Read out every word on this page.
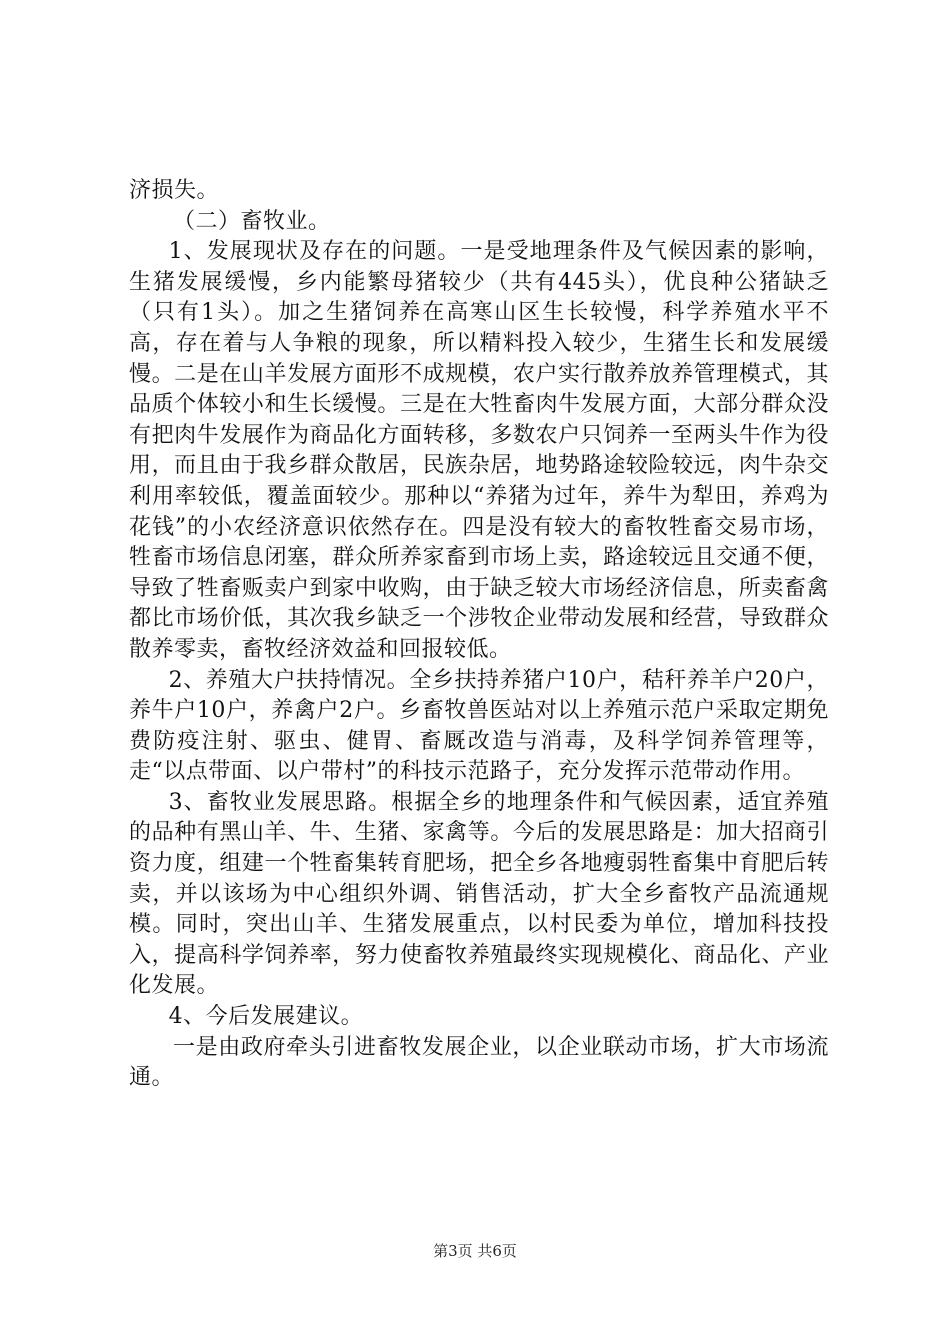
济损失。

（二）畜牧业。

1、发展现状及存在的问题。一是受地理条件及气候因素的影响，生猪发展缓慢，乡内能繁母猪较少（共有445头），优良种公猪缺乏（只有1头）。加之生猪饲养在高寒山区生长较慢，科学养殖水平不高，存在着与人争粮的现象，所以精料投入较少，生猪生长和发展缓慢。二是在山羊发展方面形不成规模，农户实行散养放养管理模式，其品质个体较小和生长缓慢。三是在大牲畜肉牛发展方面，大部分群众没有把肉牛发展作为商品化方面转移，多数农户只饲养一至两头牛作为役用，而且由于我乡群众散居，民族杂居，地势路途较险较远，肉牛杂交利用率较低，覆盖面较少。那种以“养猪为过年，养牛为犁田，养鸡为花钱”的小农经济意识依然存在。四是没有较大的畜牧牲畜交易市场，牲畜市场信息闭塞，群众所养家畜到市场上卖，路途较远且交通不便，导致了牲畜贩卖户到家中收购，由于缺乏较大市场经济信息，所卖畜禽都比市场价低，其次我乡缺乏一个涉牧企业带动发展和经营，导致群众散养零卖，畜牧经济效益和回报较低。

2、养殖大户扶持情况。全乡扶持养猪户10户，秸秆养羊户20户，养牛户10户，养禽户2户。乡畜牧兽医站对以上养殖示范户采取定期免费防疫注射、驱虫、健胃、畜厩改造与消毒，及科学饲养管理等，走“以点带面、以户带村”的科技示范路子，充分发挥示范带动作用。

3、畜牧业发展思路。根据全乡的地理条件和气候因素，适宜养殖的品种有黑山羊、牛、生猪、家禽等。今后的发展思路是：加大招商引资力度，组建一个牲畜集转育肥场，把全乡各地瘦弱牲畜集中育肥后转卖，并以该场为中心组织外调、销售活动，扩大全乡畜牧产品流通规模。同时，突出山羊、生猪发展重点，以村民委为单位，增加科技投入，提高科学饲养率，努力使畜牧养殖最终实现规模化、商品化、产业化发展。

4、今后发展建议。

一是由政府牵头引进畜牧发展企业，以企业联动市场，扩大市场流通。

第3页 共6页
